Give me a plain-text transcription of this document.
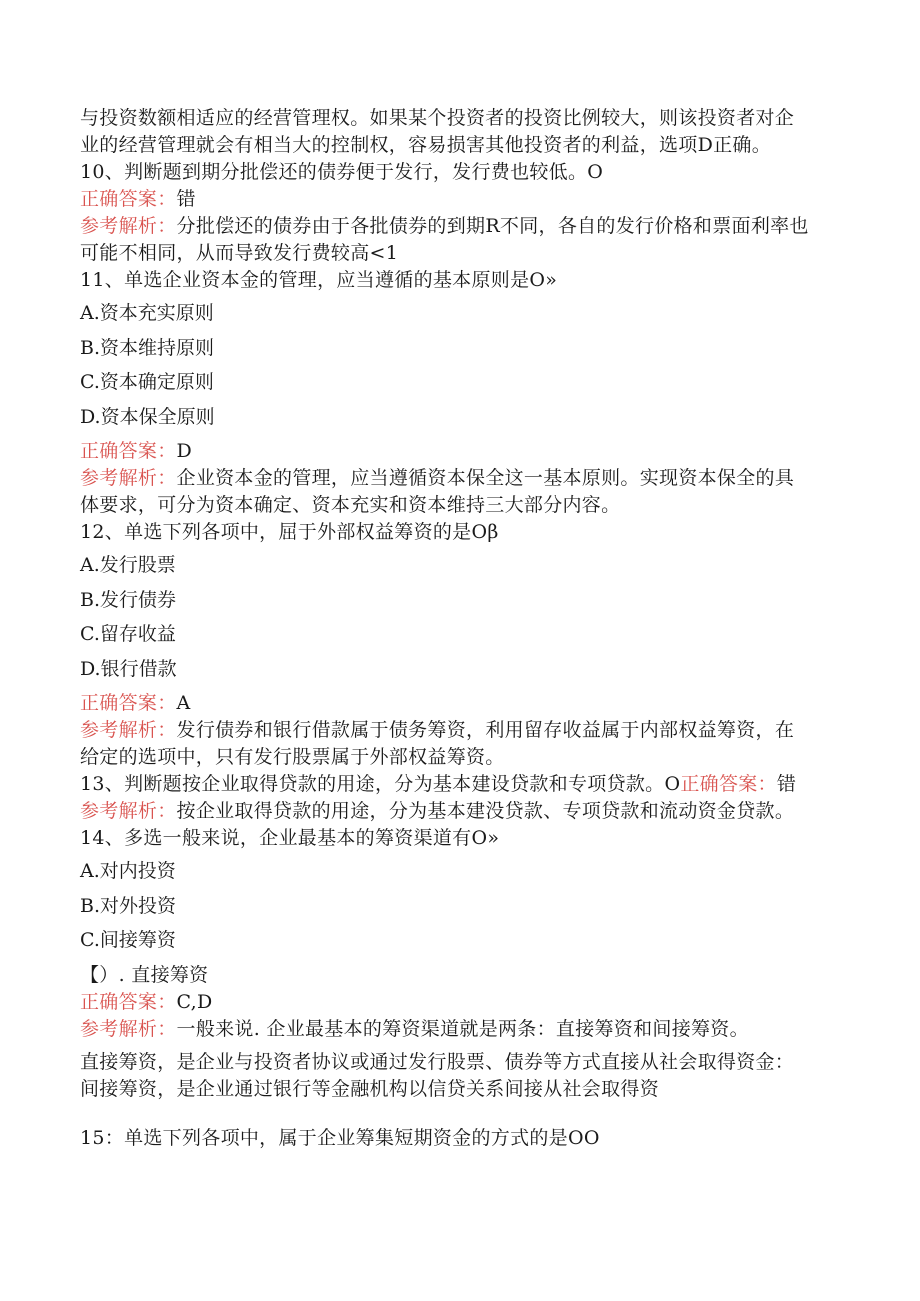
与投资数额相适应的经营管理权。如果某个投资者的投资比例较大，则该投资者对企
业的经营管理就会有相当大的控制权，容易损害其他投资者的利益，选项D正确。
10、判断题到期分批偿还的债券便于发行，发行费也较低。O
正确答案：错
参考解析：分批偿还的债券由于各批债券的到期R不同，各自的发行价格和票面利率也
可能不相同，从而导致发行费较高<1
11、单选企业资本金的管理，应当遵循的基本原则是O»
A.资本充实原则
B.资本维持原则
C.资本确定原则
D.资本保全原则
正确答案：D
参考解析：企业资本金的管理，应当遵循资本保全这一基本原则。实现资本保全的具
体要求，可分为资本确定、资本充实和资本维持三大部分内容。
12、单选下列各项中，屈于外部权益筹资的是Oβ
A.发行股票
B.发行债券
C.留存收益
D.银行借款
正确答案：A
参考解析：发行债券和银行借款属于债务筹资，利用留存收益属于内部权益筹资，在
给定的选项中，只有发行股票属于外部权益筹资。
13、判断题按企业取得贷款的用途，分为基本建设贷款和专项贷款。O正确答案：错
参考解析：按企业取得贷款的用途，分为基本建没贷款、专项贷款和流动资金贷款。
14、多选一般来说，企业最基本的筹资渠道有O»
A.对内投资
B.对外投资
C.间接筹资
【）. 直接筹资
正确答案：C,D
参考解析：一般来说. 企业最基本的筹资渠道就是两条：直接筹资和间接筹资。
直接筹资，是企业与投资者协议或通过发行股票、债券等方式直接从社会取得资金：
间接筹资，是企业通过银行等金融机构以信贷关系间接从社会取得资
15：单选下列各项中，属于企业筹集短期资金的方式的是OO
